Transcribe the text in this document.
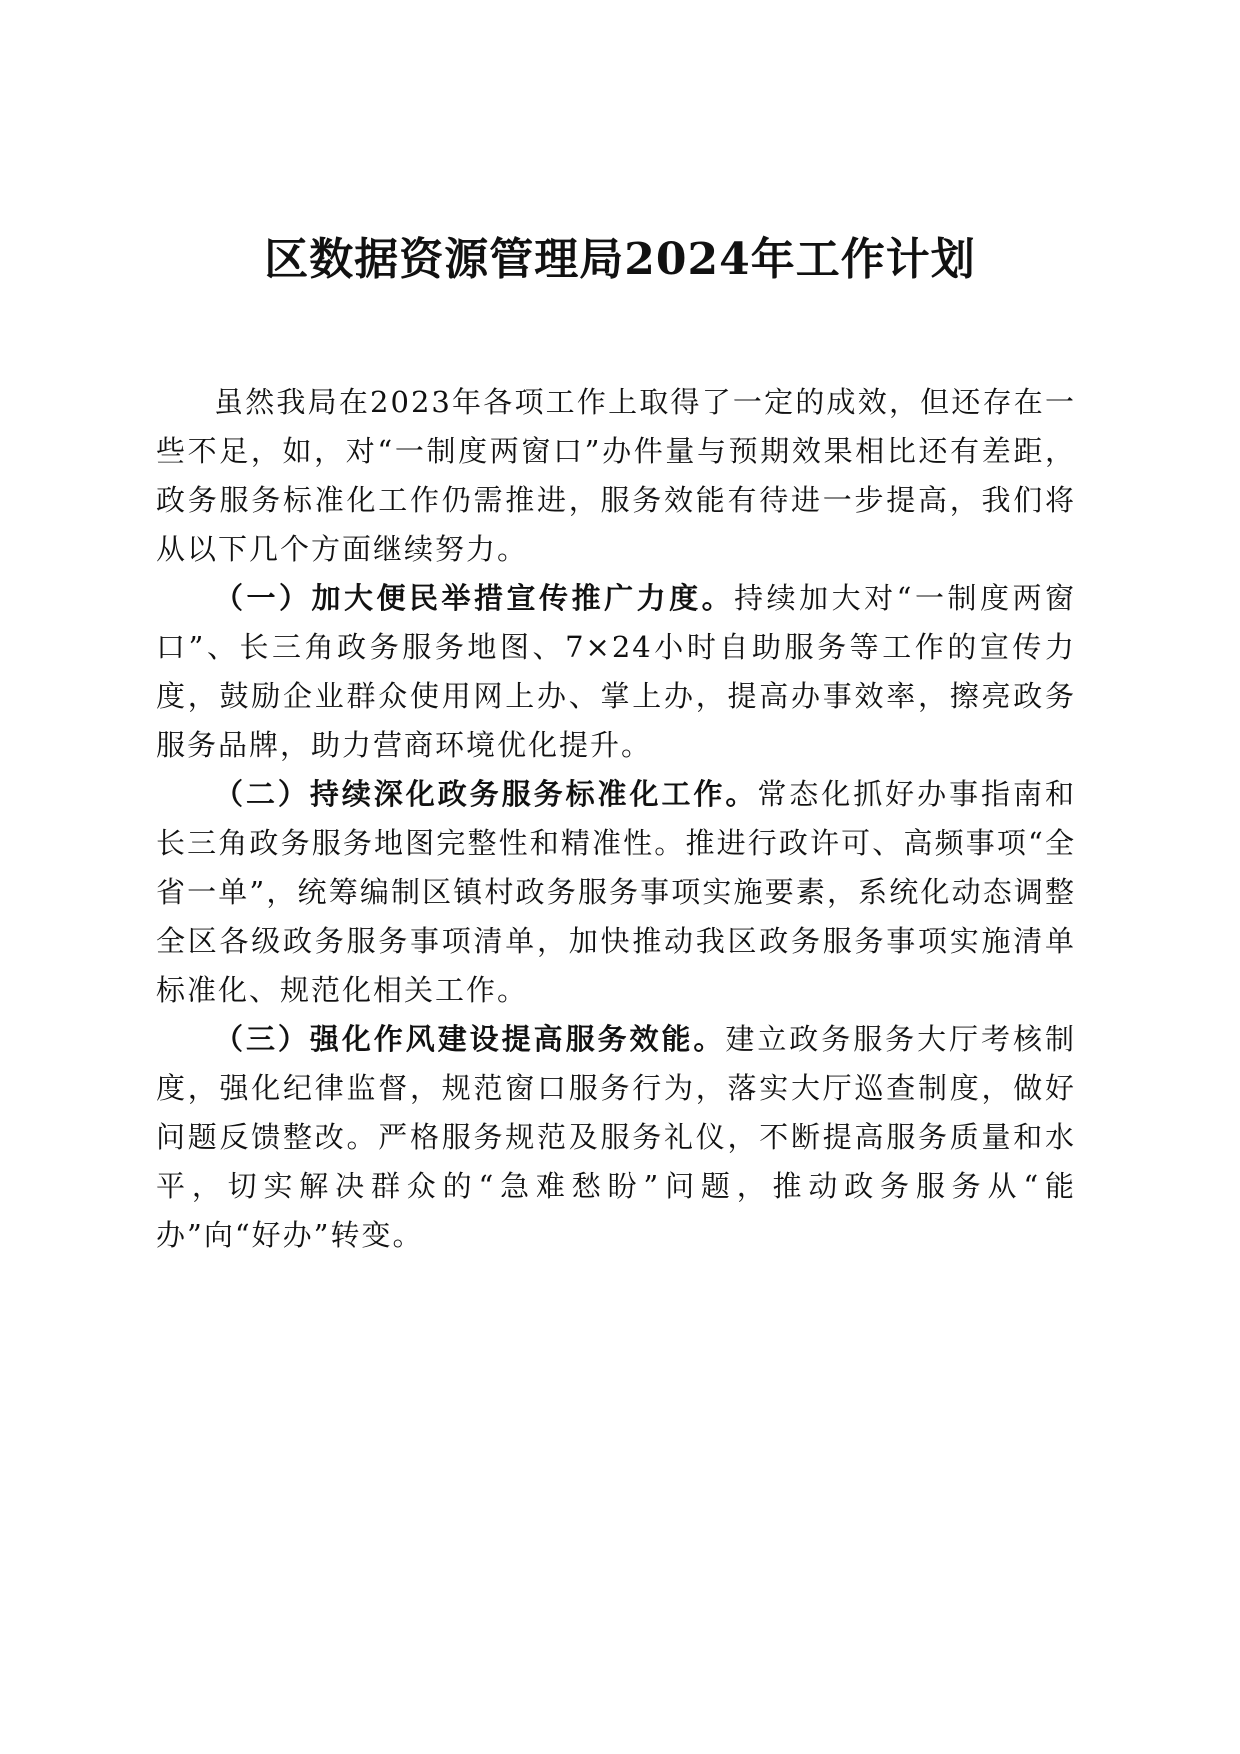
区数据资源管理局2024年工作计划

虽然我局在2023年各项工作上取得了一定的成效，但还存在一些不足，如，对“一制度两窗口”办件量与预期效果相比还有差距，政务服务标准化工作仍需推进，服务效能有待进一步提高，我们将从以下几个方面继续努力。

（一）加大便民举措宣传推广力度。持续加大对“一制度两窗口”、长三角政务服务地图、7×24小时自助服务等工作的宣传力度，鼓励企业群众使用网上办、掌上办，提高办事效率，擦亮政务服务品牌，助力营商环境优化提升。

（二）持续深化政务服务标准化工作。常态化抓好办事指南和长三角政务服务地图完整性和精准性。推进行政许可、高频事项“全省一单”，统筹编制区镇村政务服务事项实施要素，系统化动态调整全区各级政务服务事项清单，加快推动我区政务服务事项实施清单标准化、规范化相关工作。

（三）强化作风建设提高服务效能。建立政务服务大厅考核制度，强化纪律监督，规范窗口服务行为，落实大厅巡查制度，做好问题反馈整改。严格服务规范及服务礼仪，不断提高服务质量和水平，切实解决群众的“急难愁盼”问题，推动政务服务从“能办”向“好办”转变。
